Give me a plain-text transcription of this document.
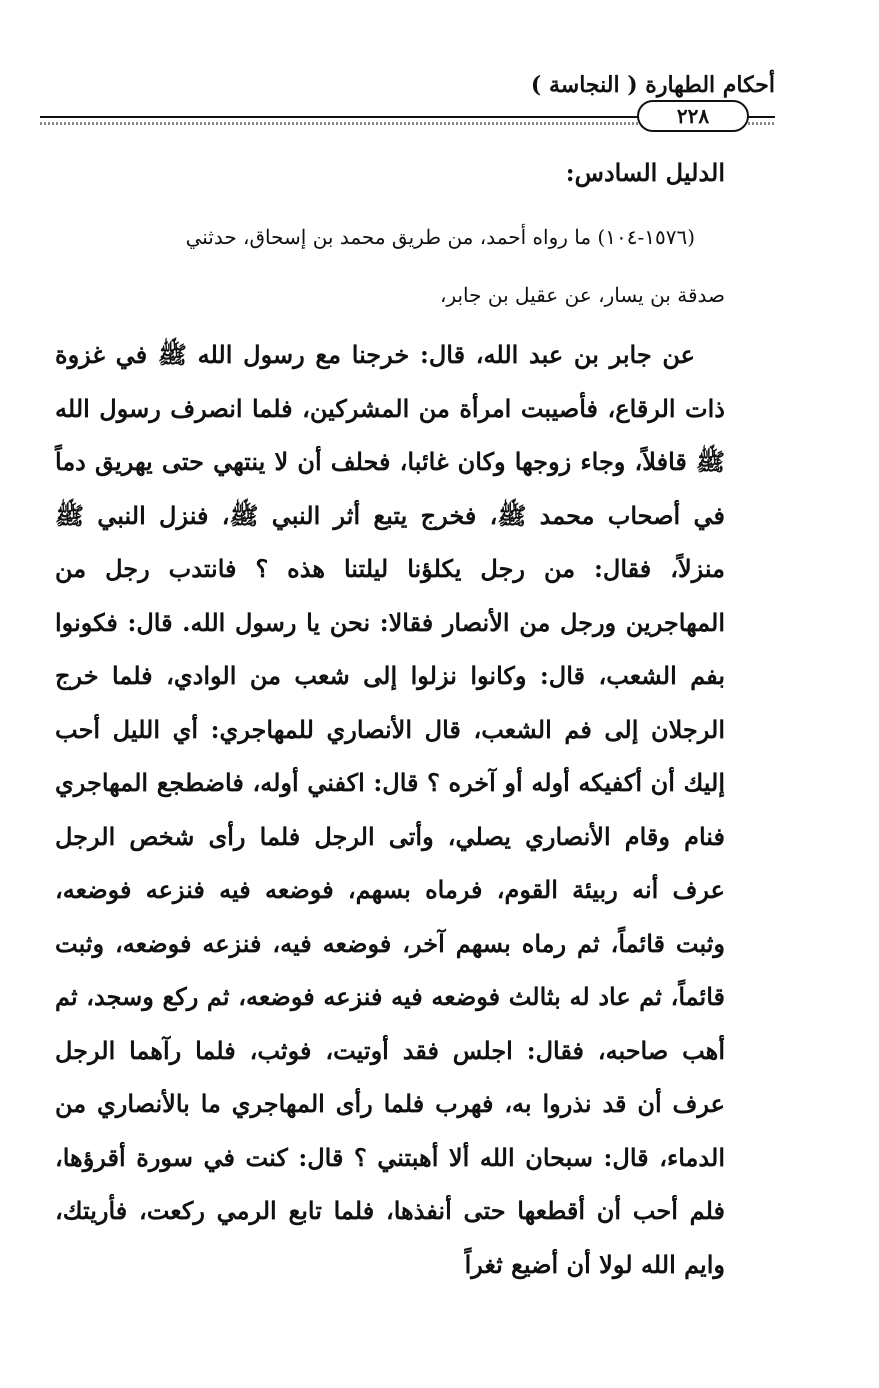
أحكام الطهارة ( النجاسة )
٢٢٨

الدليل السادس:

(١٥٧٦-١٠٤) ما رواه أحمد، من طريق محمد بن إسحاق، حدثني

صدقة بن يسار، عن عقيل بن جابر،

عن جابر بن عبد الله، قال: خرجنا مع رسول الله ﷺ في غزوة ذات الرقاع، فأصيبت امرأة من المشركين، فلما انصرف رسول الله ﷺ قافلاً، وجاء زوجها وكان غائبا، فحلف أن لا ينتهي حتى يهريق دماً في أصحاب محمد ﷺ، فخرج يتبع أثر النبي ﷺ، فنزل النبي ﷺ منزلاً، فقال: من رجل يكلؤنا ليلتنا هذه ؟ فانتدب رجل من المهاجرين ورجل من الأنصار فقالا: نحن يا رسول الله. قال: فكونوا بفم الشعب، قال: وكانوا نزلوا إلى شعب من الوادي، فلما خرج الرجلان إلى فم الشعب، قال الأنصاري للمهاجري: أي الليل أحب إليك أن أكفيكه أوله أو آخره ؟ قال: اكفني أوله، فاضطجع المهاجري فنام وقام الأنصاري يصلي، وأتى الرجل فلما رأى شخص الرجل عرف أنه ربيئة القوم، فرماه بسهم، فوضعه فيه فنزعه فوضعه، وثبت قائماً، ثم رماه بسهم آخر، فوضعه فيه، فنزعه فوضعه، وثبت قائماً، ثم عاد له بثالث فوضعه فيه فنزعه فوضعه، ثم ركع وسجد، ثم أهب صاحبه، فقال: اجلس فقد أوتيت، فوثب، فلما رآهما الرجل عرف أن قد نذروا به، فهرب فلما رأى المهاجري ما بالأنصاري من الدماء، قال: سبحان الله ألا أهبتني ؟ قال: كنت في سورة أقرؤها، فلم أحب أن أقطعها حتى أنفذها، فلما تابع الرمي ركعت، فأريتك، وايم الله لولا أن أضيع ثغراً
